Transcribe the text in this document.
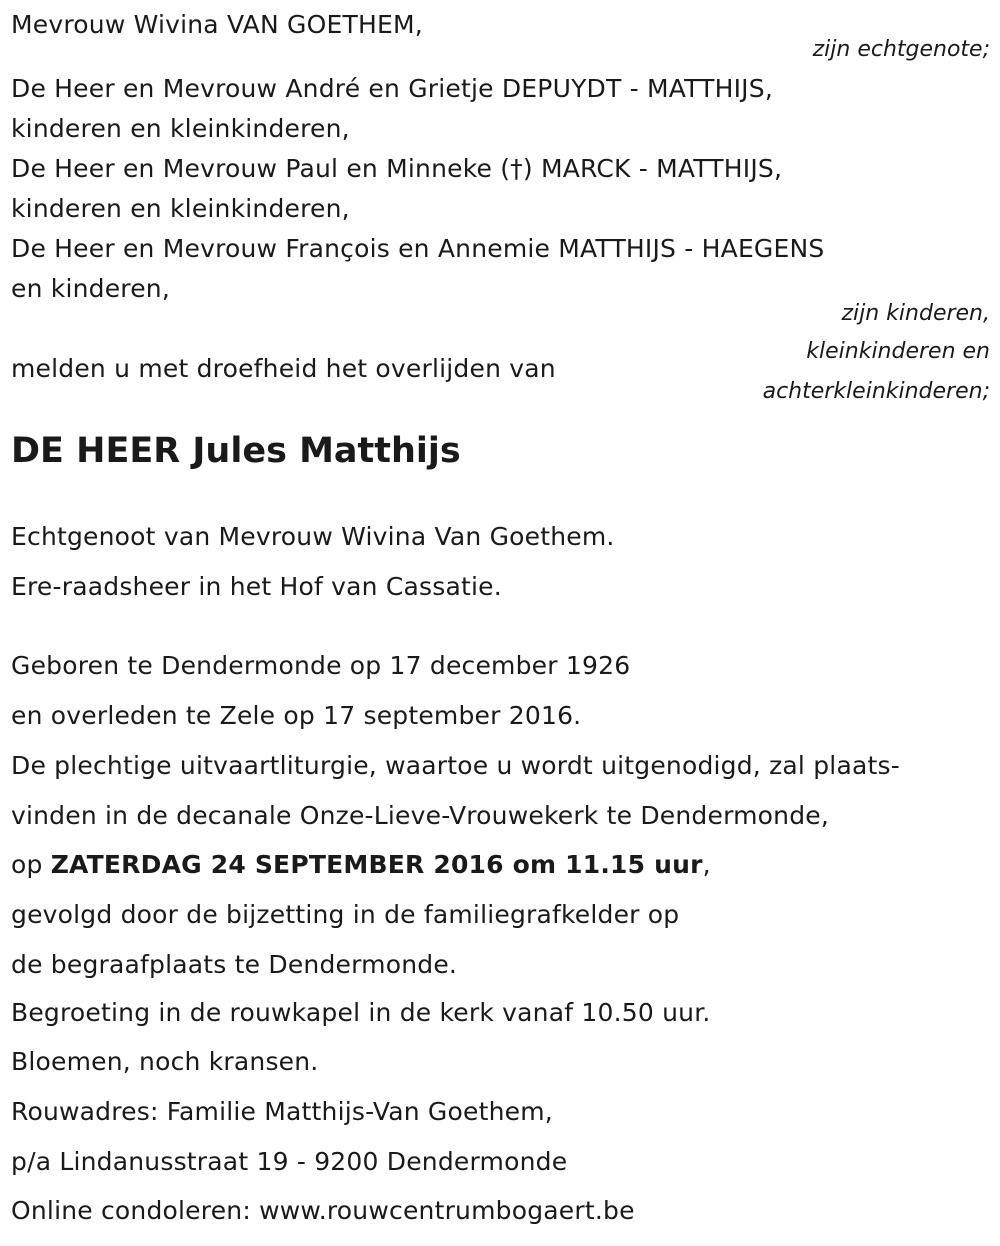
Mevrouw Wivina VAN GOETHEM,
zijn echtgenote;
De Heer en Mevrouw André en Grietje DEPUYDT - MATTHIJS,
kinderen en kleinkinderen,
De Heer en Mevrouw Paul en Minneke (†) MARCK - MATTHIJS,
kinderen en kleinkinderen,
De Heer en Mevrouw François en Annemie MATTHIJS - HAEGENS
en kinderen,
zijn kinderen,
kleinkinderen en
achterkleinkinderen;
melden u met droefheid het overlijden van
DE HEER Jules Matthijs
Echtgenoot van Mevrouw Wivina Van Goethem.
Ere-raadsheer in het Hof van Cassatie.
Geboren te Dendermonde op 17 december 1926
en overleden te Zele op 17 september 2016.
De plechtige uitvaartliturgie, waartoe u wordt uitgenodigd, zal plaats-
vinden in de decanale Onze-Lieve-Vrouwekerk te Dendermonde,
op ZATERDAG 24 SEPTEMBER 2016 om 11.15 uur,
gevolgd door de bijzetting in de familiegrafkelder op
de begraafplaats te Dendermonde.
Begroeting in de rouwkapel in de kerk vanaf 10.50 uur.
Bloemen, noch kransen.
Rouwadres: Familie Matthijs-Van Goethem,
p/a Lindanusstraat 19 - 9200 Dendermonde
Online condoleren: www.rouwcentrumbogaert.be
